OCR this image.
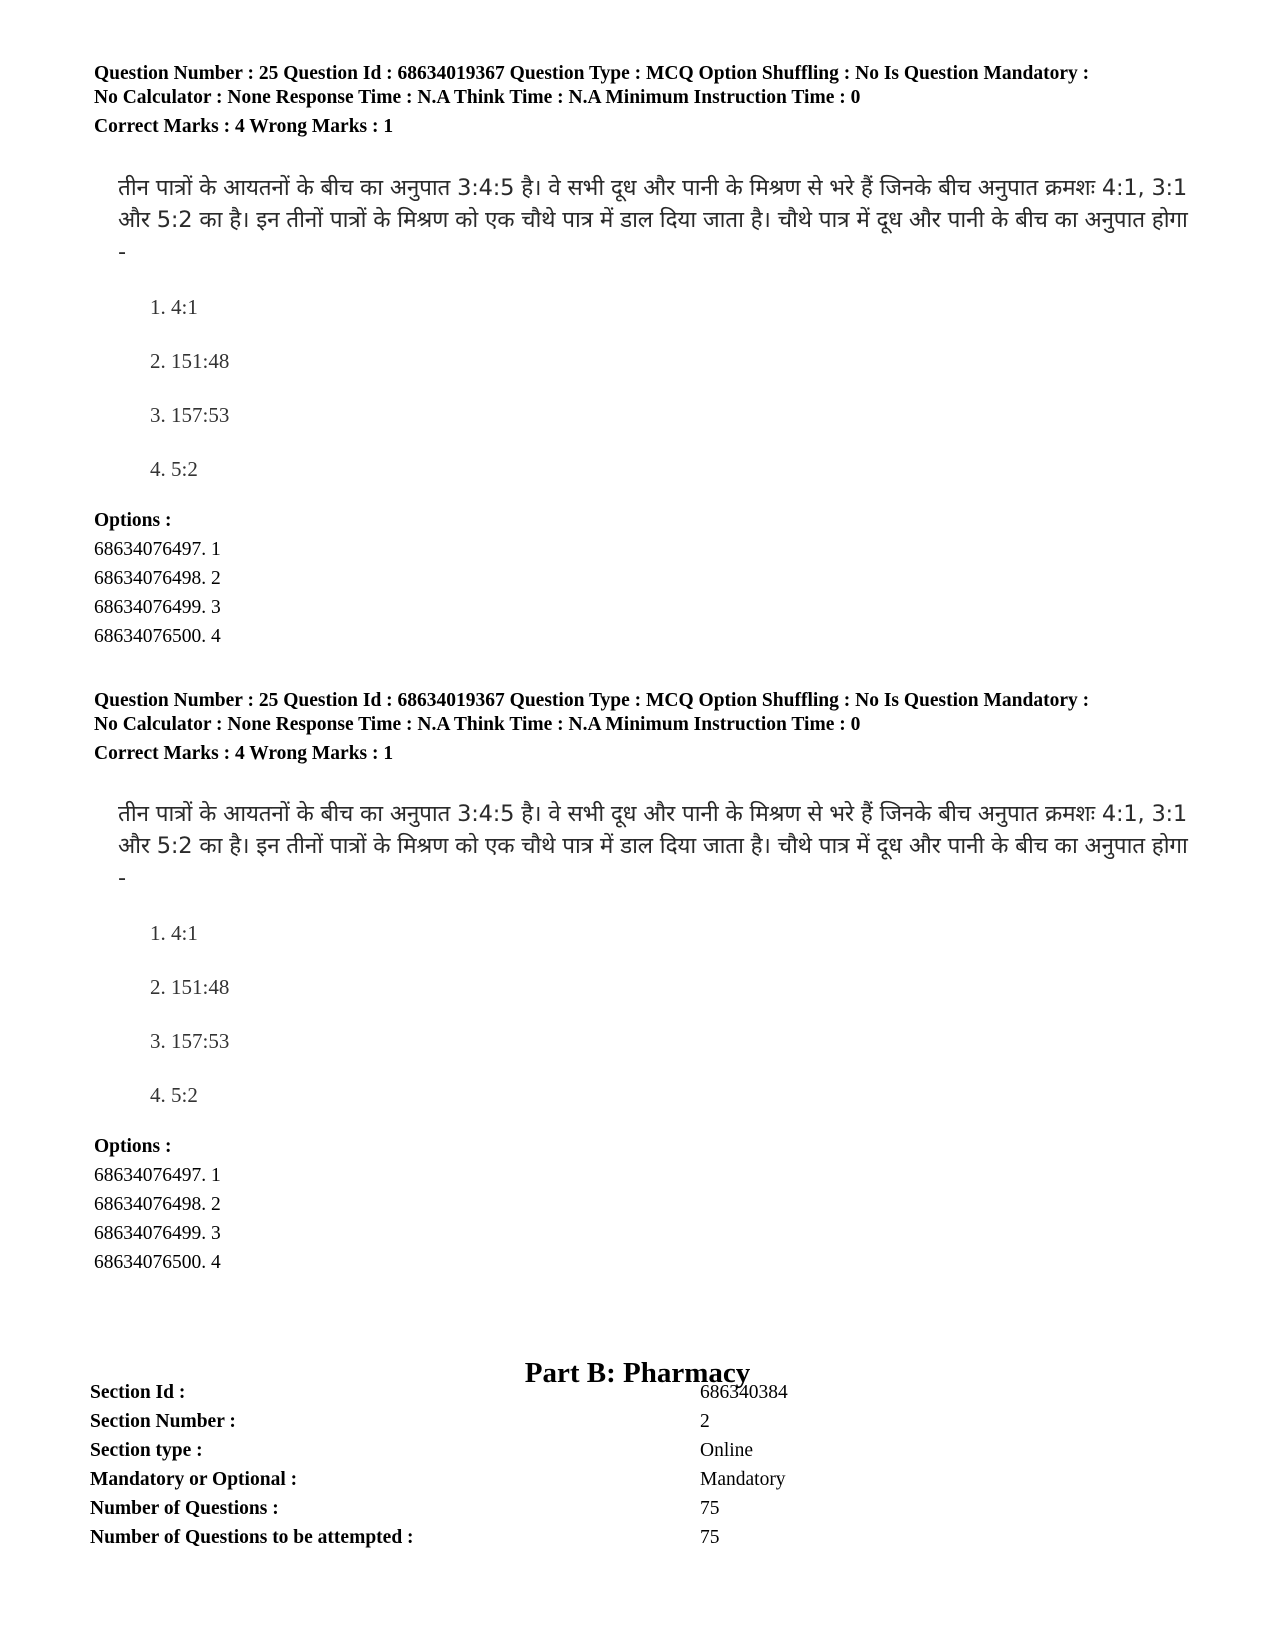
Question Number : 25 Question Id : 68634019367 Question Type : MCQ Option Shuffling : No Is Question Mandatory :

No Calculator : None Response Time : N.A Think Time : N.A Minimum Instruction Time : 0

Correct Marks : 4 Wrong Marks : 1

तीन पात्रों के आयतनों के बीच का अनुपात 3:4:5 है। वे सभी दूध और पानी के मिश्रण से भरे हैं जिनके बीच अनुपात क्रमशः 4:1, 3:1 और 5:2 का है। इन तीनों पात्रों के मिश्रण को एक चौथे पात्र में डाल दिया जाता है। चौथे पात्र में दूध और पानी के बीच का अनुपात होगा -
1. 4:1
2. 151:48
3. 157:53
4. 5:2
Options :
68634076497. 1
68634076498. 2
68634076499. 3
68634076500. 4

Question Number : 25 Question Id : 68634019367 Question Type : MCQ Option Shuffling : No Is Question Mandatory :

No Calculator : None Response Time : N.A Think Time : N.A Minimum Instruction Time : 0

Correct Marks : 4 Wrong Marks : 1

तीन पात्रों के आयतनों के बीच का अनुपात 3:4:5 है। वे सभी दूध और पानी के मिश्रण से भरे हैं जिनके बीच अनुपात क्रमशः 4:1, 3:1 और 5:2 का है। इन तीनों पात्रों के मिश्रण को एक चौथे पात्र में डाल दिया जाता है। चौथे पात्र में दूध और पानी के बीच का अनुपात होगा -
1. 4:1
2. 151:48
3. 157:53
4. 5:2
Options :
68634076497. 1
68634076498. 2
68634076499. 3
68634076500. 4
Part B: Pharmacy
Section Id :	686340384
Section Number :	2
Section type :	Online
Mandatory or Optional :	Mandatory
Number of Questions :	75
Number of Questions to be attempted :	75
